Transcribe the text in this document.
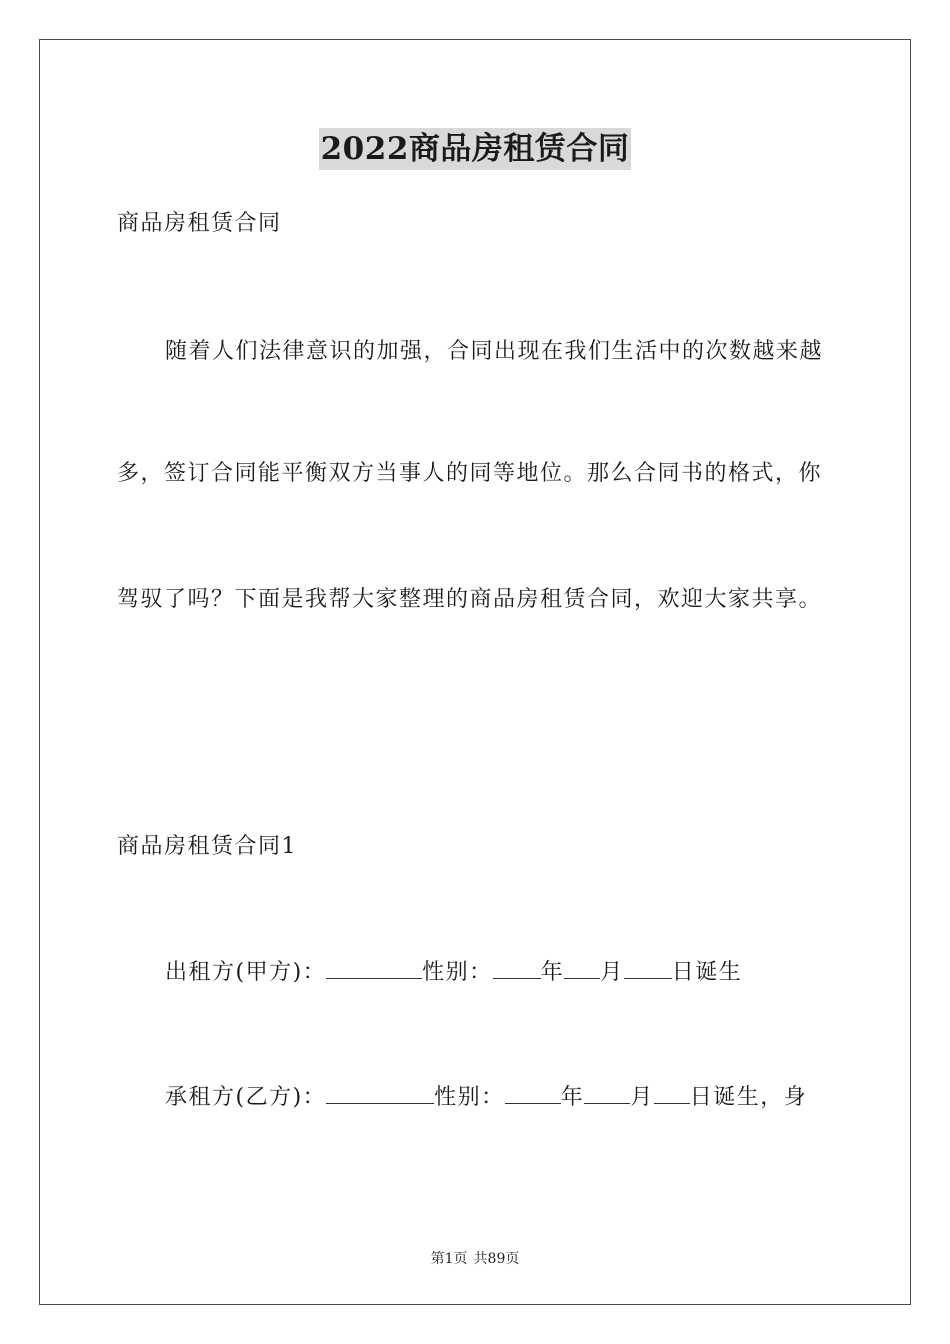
2022商品房租赁合同
商品房租赁合同
随着人们法律意识的加强，合同出现在我们生活中的次数越来越
多，签订合同能平衡双方当事人的同等地位。那么合同书的格式，你
驾驭了吗？下面是我帮大家整理的商品房租赁合同，欢迎大家共享。
商品房租赁合同1
出租方(甲方)：	性别： 年 月 日诞生
承租方(乙方)：	性别：	年 月 日诞生，身
第1页 共89页
